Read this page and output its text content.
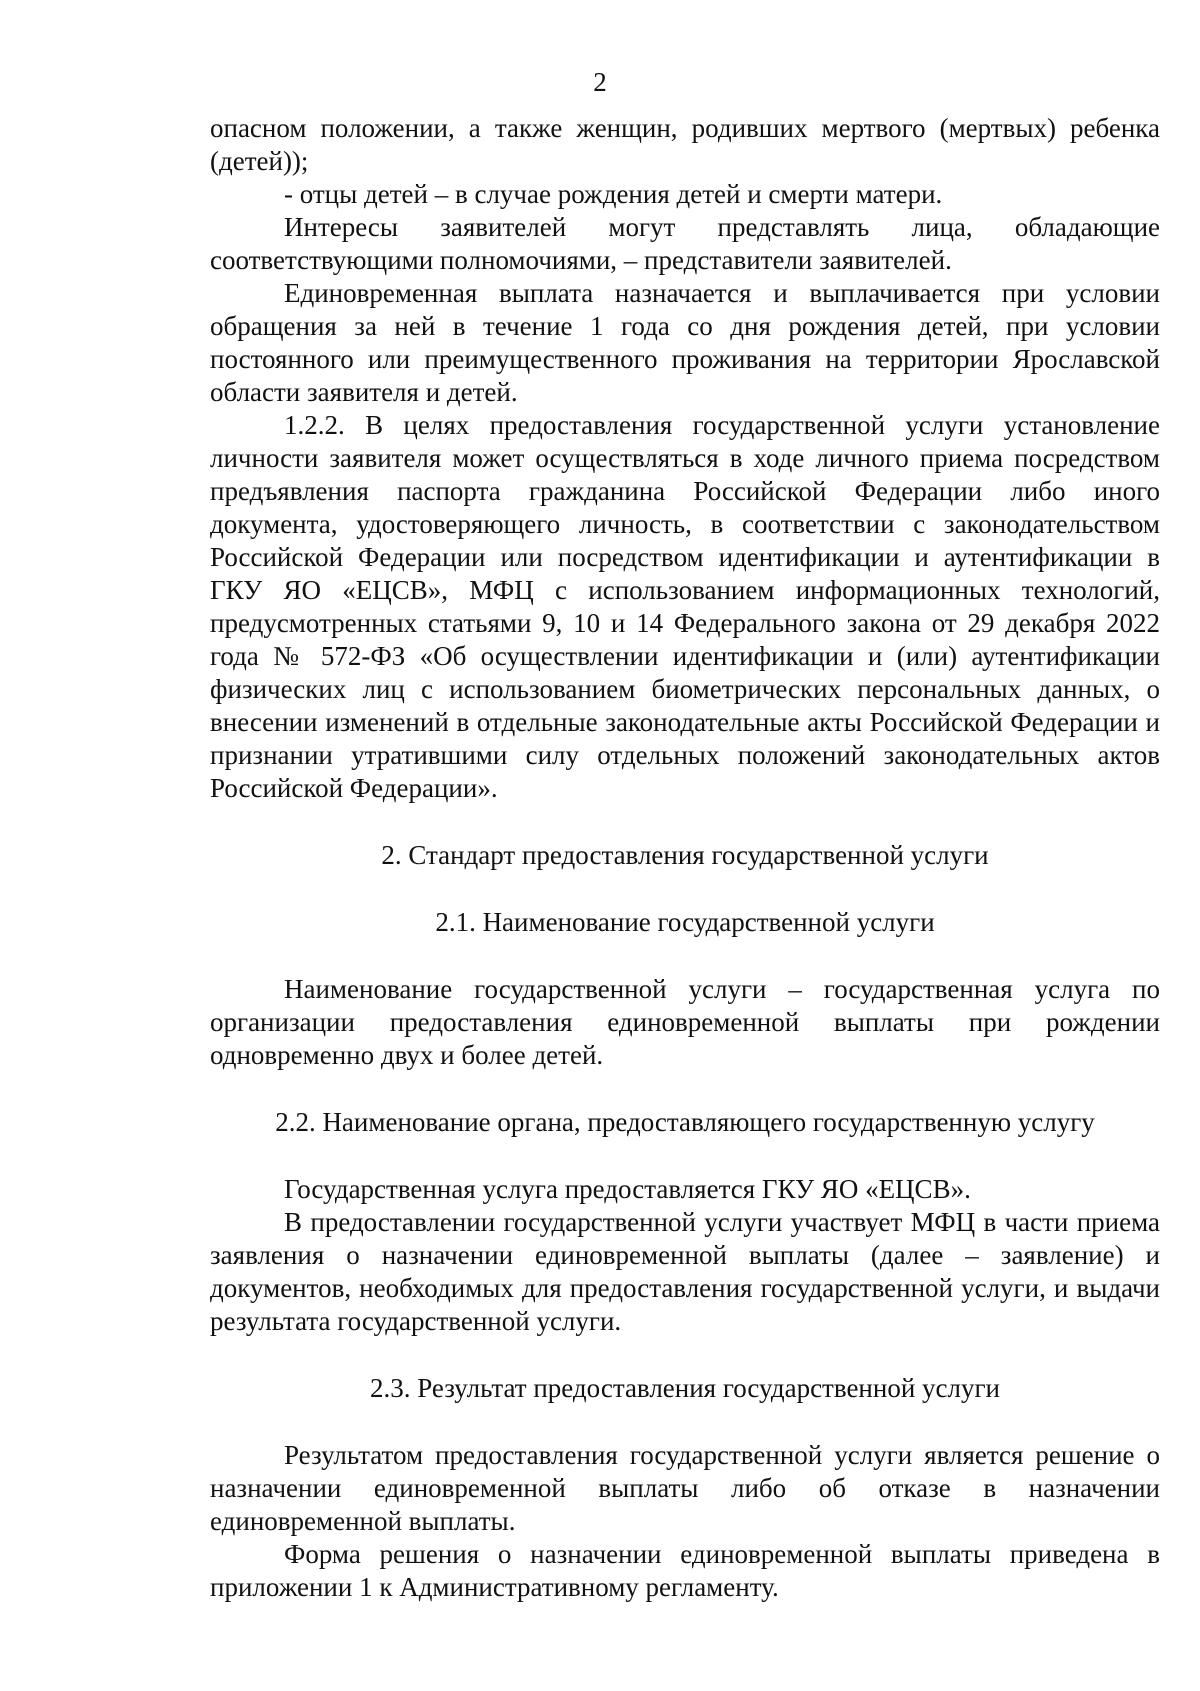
2

опасном положении, а также женщин, родивших мертвого (мертвых) ребенка (детей));

- отцы детей – в случае рождения детей и смерти матери.

Интересы заявителей могут представлять лица, обладающие соответствующими полномочиями, – представители заявителей.

Единовременная выплата назначается и выплачивается при условии обращения за ней в течение 1 года со дня рождения детей, при условии постоянного или преимущественного проживания на территории Ярославской области заявителя и детей.

1.2.2. В целях предоставления государственной услуги установление личности заявителя может осуществляться в ходе личного приема посредством предъявления паспорта гражданина Российской Федерации либо иного документа, удостоверяющего личность, в соответствии с законодательством Российской Федерации или посредством идентификации и аутентификации в ГКУ ЯО «ЕЦСВ», МФЦ с использованием информационных технологий, предусмотренных статьями 9, 10 и 14 Федерального закона от 29 декабря 2022 года № 572-ФЗ «Об осуществлении идентификации и (или) аутентификации физических лиц с использованием биометрических персональных данных, о внесении изменений в отдельные законодательные акты Российской Федерации и признании утратившими силу отдельных положений законодательных актов Российской Федерации».

2. Стандарт предоставления государственной услуги

2.1. Наименование государственной услуги

Наименование государственной услуги – государственная услуга по организации предоставления единовременной выплаты при рождении одновременно двух и более детей.

2.2. Наименование органа, предоставляющего государственную услугу

Государственная услуга предоставляется ГКУ ЯО «ЕЦСВ».

В предоставлении государственной услуги участвует МФЦ в части приема заявления о назначении единовременной выплаты (далее – заявление) и документов, необходимых для предоставления государственной услуги, и выдачи результата государственной услуги.

2.3. Результат предоставления государственной услуги

Результатом предоставления государственной услуги является решение о назначении единовременной выплаты либо об отказе в назначении единовременной выплаты.

Форма решения о назначении единовременной выплаты приведена в приложении 1 к Административному регламенту.
